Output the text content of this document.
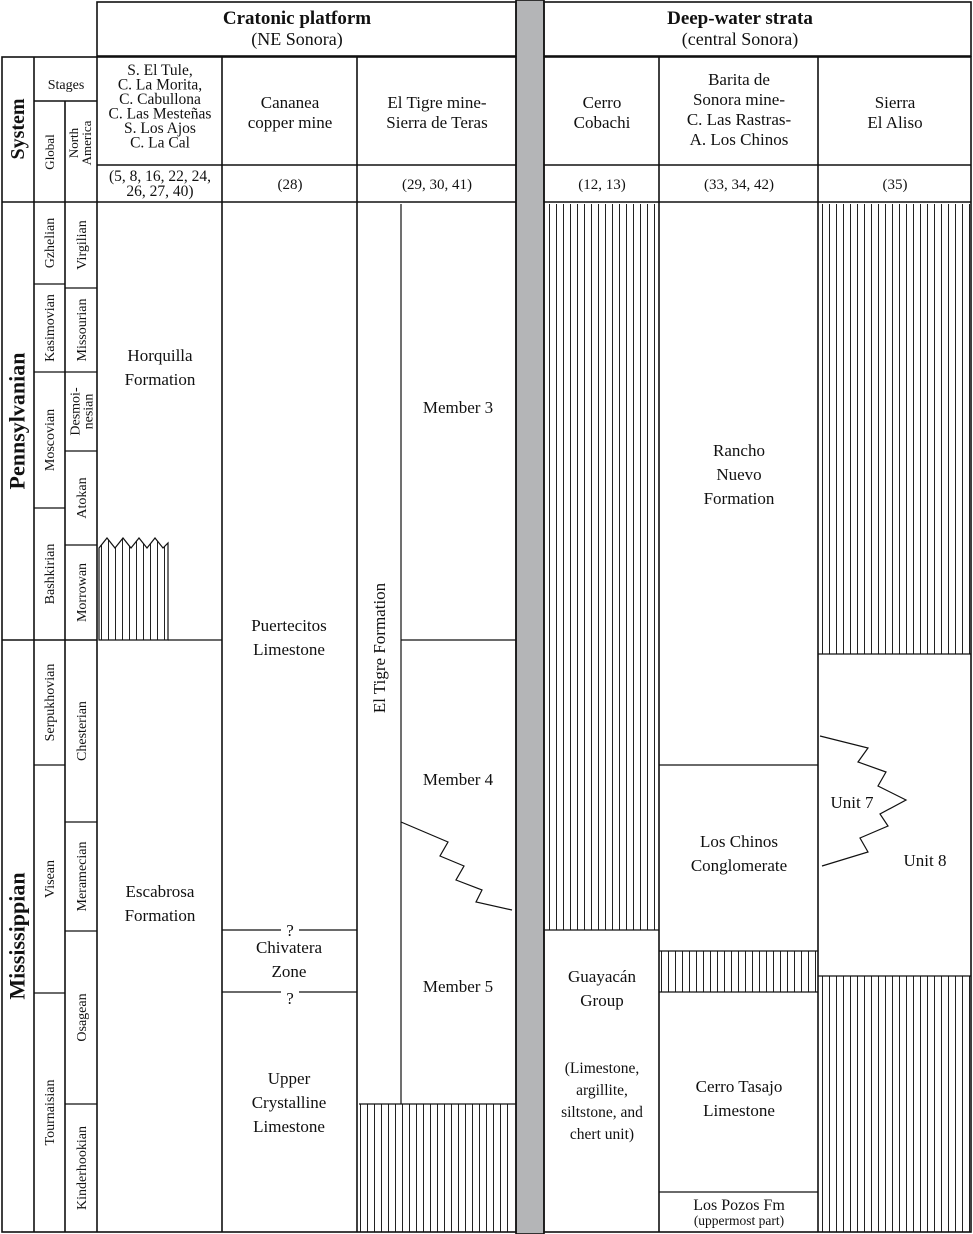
Cratonic platform
(NE Sonora)
Deep-water strata
(central Sonora)
System
Stages
Global North
America
S. El Tule,
C. La Morita,
C. Cabullona
C. Las Mesteñas
S. Los Ajos
C. La Cal
(5, 8, 16, 22, 24,
26, 27, 40)
Cananea
copper mine
(28)
El Tigre mine-
Sierra de Teras
(29, 30, 41)
Cerro
Cobachi
(12, 13)
Barita de
Sonora mine-
C. Las Rastras-
A. Los Chinos
(33, 34, 42)
Sierra
El Aliso
(35)
Pennsylvanian
Mississippian
Gzhelian
Kasimovian
Moscovian
Bashkirian
Serpukhovian
Visean
Tournaisian
Virgilian
Missourian
Desmoi-
nesian
Atokan
Morrowan
Chesterian
Meramecian
Osagean
Kinderhookian
Horquilla
Formation
Escabrosa
Formation
Puertecitos
Limestone
Chivatera
Zone
Upper
Crystalline
Limestone
?
?
El Tigre Formation
Member 3
Member 4
Member 5
Guayacán
Group
(Limestone,
argillite,
siltstone, and
chert unit)
Rancho
Nuevo
Formation
Los Chinos
Conglomerate
Cerro Tasajo
Limestone
Los Pozos Fm
(uppermost part)
Unit 7
Unit 8
